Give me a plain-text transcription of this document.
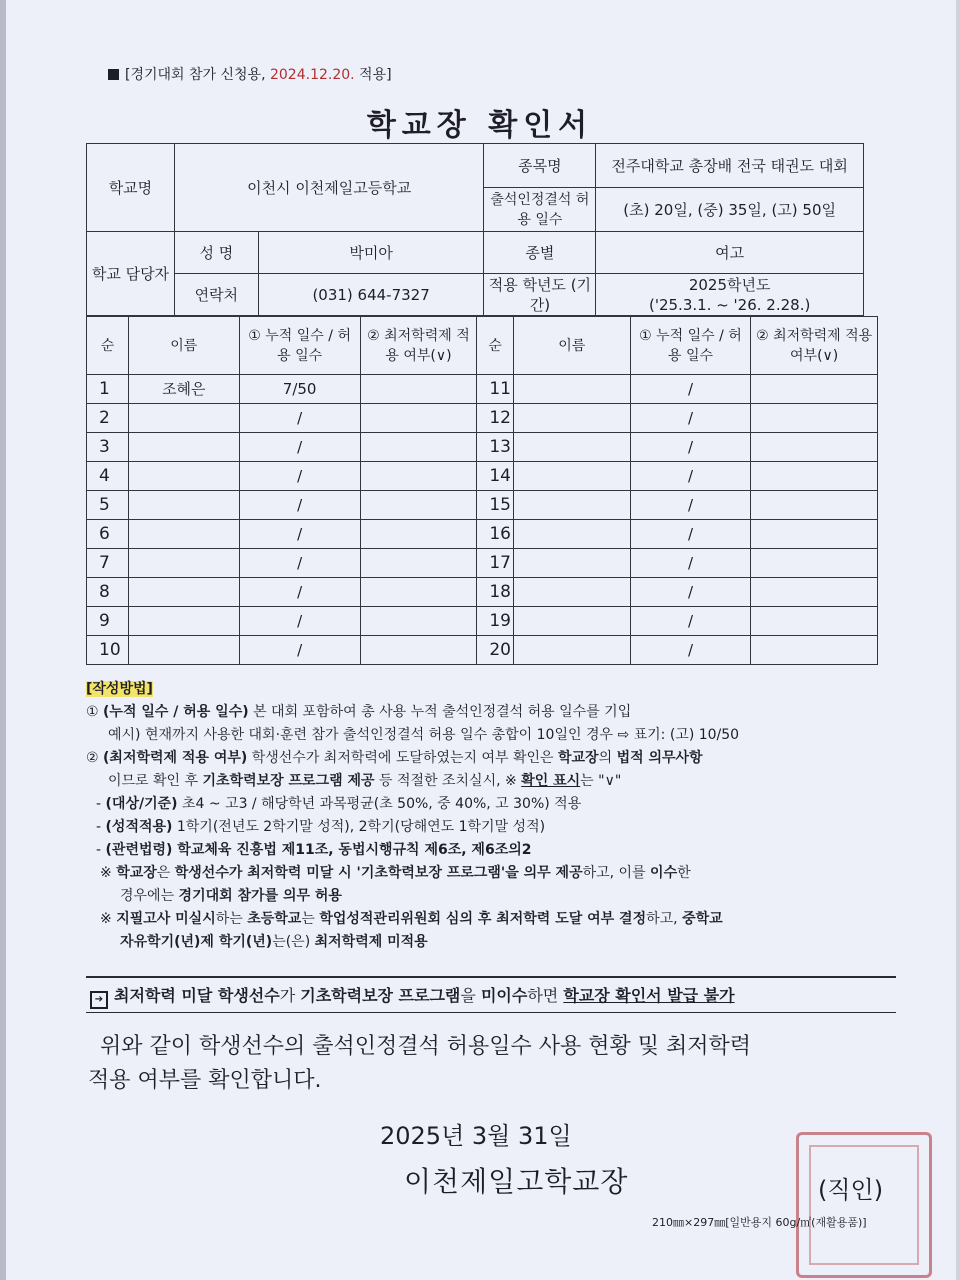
[경기대회 참가 신청용, 2024.12.20. 적용]
학교장 확인서
학교명	이천시 이천제일고등학교		종목명	전주대학교 총장배 전국 태권도 대회
			출석인정결석 허용 일수	(초) 20일, (중) 35일, (고) 50일
학교 담당자	성 명	박미아	종별	여고
	연락처	(031) 644-7327	적용 학년도 (기간)	2025학년도
('25.3.1. ~ '26. 2.28.)
순	이름	① 누적 일수 / 허용 일수	② 최저학력제 적용 여부(∨)	순	이름	① 누적 일수 / 허용 일수	② 최저학력제 적용 여부(∨)
1	조혜은	7/50		11		/	
2		/		12		/	
3		/		13		/	
4		/		14		/	
5		/		15		/	
6		/		16		/	
7		/		17		/	
8		/		18		/	
9		/		19		/	
10		/		20		/	
[작성방법]
① (누적 일수 / 허용 일수) 본 대회 포함하여 총 사용 누적 출석인정결석 허용 일수를 기입
예시) 현재까지 사용한 대회·훈련 참가 출석인정결석 허용 일수 총합이 10일인 경우 ⇨ 표기: (고) 10/50
② (최저학력제 적용 여부) 학생선수가 최저학력에 도달하였는지 여부 확인은 학교장의 법적 의무사항
이므로 확인 후 기초학력보장 프로그램 제공 등 적절한 조치실시, ※ 확인 표시는 "∨"
- (대상/기준) 초4 ~ 고3 / 해당학년 과목평균(초 50%, 중 40%, 고 30%) 적용
- (성적적용) 1학기(전년도 2학기말 성적), 2학기(당해연도 1학기말 성적)
- (관련법령) 학교체육 진흥법 제11조, 동법시행규칙 제6조, 제6조의2
※ 학교장은 학생선수가 최저학력 미달 시 '기초학력보장 프로그램'을 의무 제공하고, 이를 이수한
경우에는 경기대회 참가를 의무 허용
※ 지필고사 미실시하는 초등학교는 학업성적관리위원회 심의 후 최저학력 도달 여부 결정하고, 중학교
자유학기(년)제 학기(년)는(은) 최저학력제 미적용
➔ 최저학력 미달 학생선수가 기초학력보장 프로그램을 미이수하면 학교장 확인서 발급 불가
위와 같이 학생선수의 출석인정결석 허용일수 사용 현황 및 최저학력
적용 여부를 확인합니다.
2025년 3월 31일
이천제일고학교장	(직인)
210㎜×297㎜[일반용지 60g/㎡(재활용품)]
